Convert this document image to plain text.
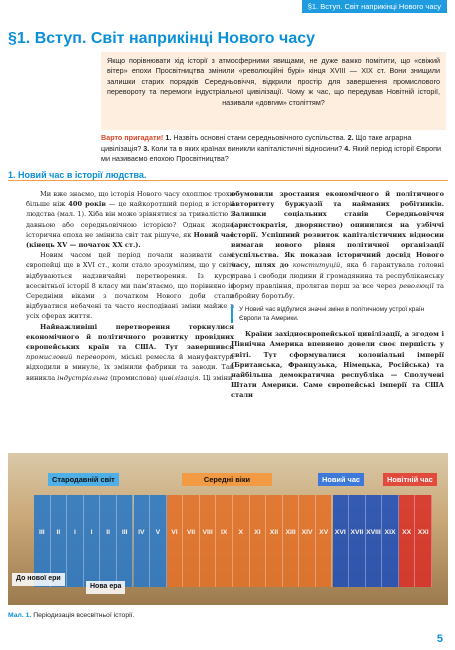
§1. Вступ. Світ наприкінці Нового часу
§1. Вступ. Світ наприкінці Нового часу

Якщо порівнювати хід історії з атмосферними явищами, не дуже важко помітити, що «свіжий вітер» епохи Просвітництва змінили «революційні бурі» кінця XVIII — XIX ст. Вони знищили залишки старих порядків Середньовіччя, відкрили простір для завершення промислового перевороту та перемоги індустріальної цивілізації. Чому ж час, що передував Новітній історії, називали «довгим» століттям?

Варто пригадати! 1. Назвіть основні стани середньовічного суспільства. 2. Що таке аграрна цивілізація? 3. Коли та в яких країнах виникли капіталістичні відносини? 4. Який період історії Європи ми називаємо епохою Просвітництва?
1. Новий час в історії людства.

Ми вже знаємо, що історія Нового часу охоплює трохи більше ніж 400 років — це найкоротший період в історії людства (мал. 1). Хіба він може зрівнятися за тривалістю з давньою або середньовічною історією? Однак жодна історична епоха не змінила світ так рішуче, як Новий час (кінець XV — початок XX ст.).

Новим часом цей період почали називати самі європейці ще в XVI ст., коли стало зрозумілим, що у світі відбуваються надзвичайні перетворення. Із курсу всесвітньої історії 8 класу ми пам'ятаємо, що порівняно із Середніми віками з початком Нового доби стали відбуватися небачені та часто несподівані зміни майже в усіх сферах життя.

Найважливіші перетворення торкнулися економічного й політичного розвитку провідних європейських країн та США. Тут завершився промисловий переворот, міські ремесла й мануфактури відходили в минуле, їх змінили фабрики та заводи. Так виникла індустріальна (промислова) цивілізація. Ці зміни

обумовили зростання економічного й політичного авторитету буржуазії та найманих робітників. Залишки соціальних станів Середньовіччя (аристократія, дворянство) опинилися на узбіччі історії. Успішний розвиток капіталістичних відносин вимагав нового рівня політичної організації суспільства. Як показав історичний досвід Нового часу, шлях до конституцій, яка б гарантувала головні права і свободи людини й громадянина та республіканську форму правління, пролягав перш за все через революції та збройну боротьбу.

У Новий час відбулися значні зміни в політичному устрої країн Європи та Америки.

Країни західноєвропейської цивілізації, а згодом і Північна Америка впевнено довели своє першість у світі. Тут сформувалися колоніальні імперії (Британська, Французька, Німецька, Російська) та найбільша демократична республіка — Сполучені Штати Америки. Саме європейські імперії та США стали

Стародавній світ	Середні віки	Новий час	Новітній час
III	II	I	I	II	III	IV	V	VI	VII	VIII	IX	X	XI	XII	XIII XIV XV XVI XVII XVIII XIX XX XXI
До нової ери
Нова ера
Мал. 1. Періодизація всесвітньої історії.
5
